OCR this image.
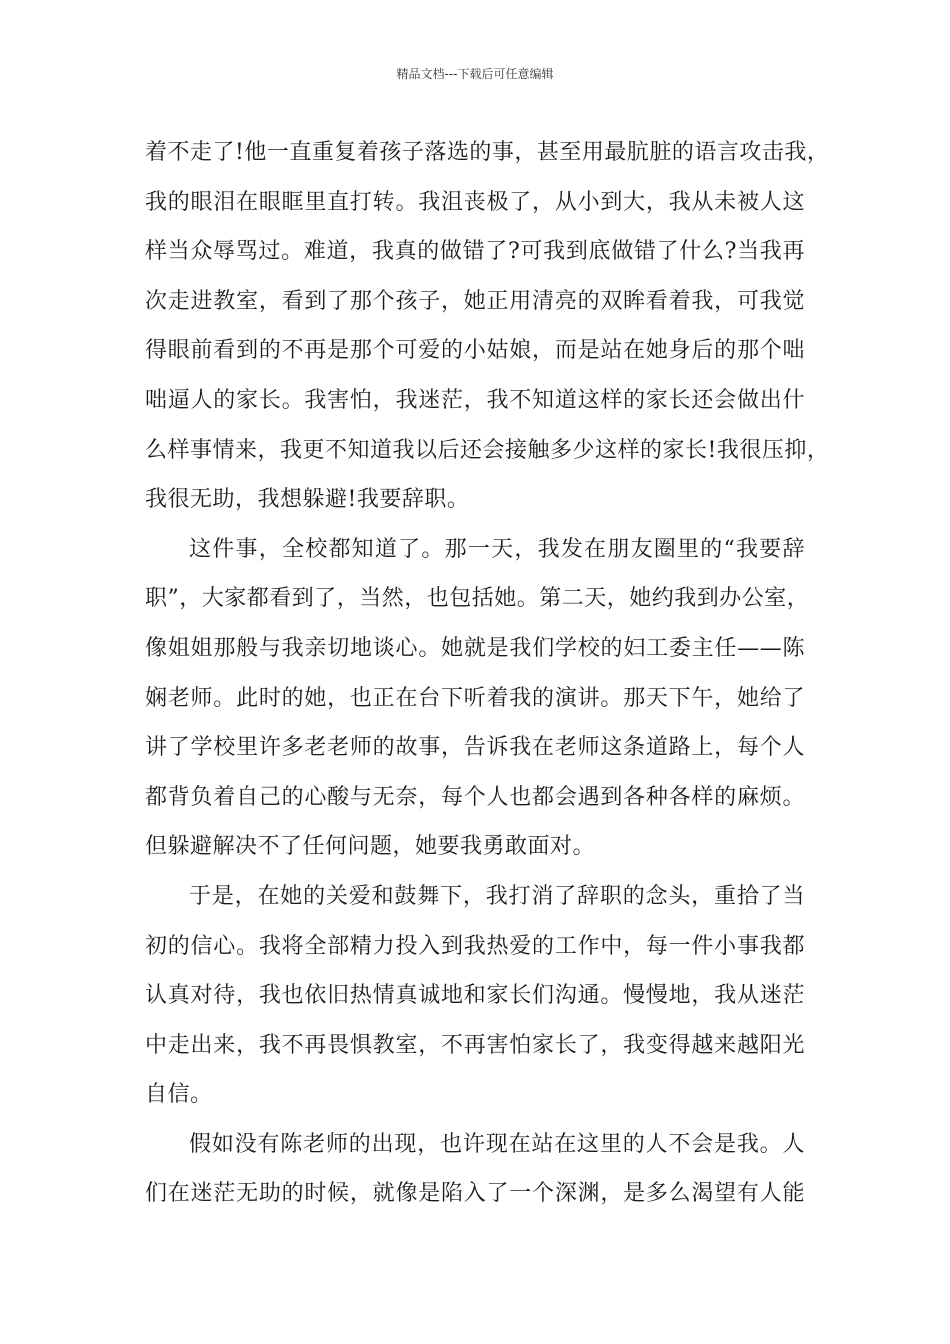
精品文档---下载后可任意编辑
着不走了!他一直重复着孩子落选的事，甚至用最肮脏的语言攻击我，
我的眼泪在眼眶里直打转。我沮丧极了，从小到大，我从未被人这
样当众辱骂过。难道，我真的做错了?可我到底做错了什么?当我再
次走进教室，看到了那个孩子，她正用清亮的双眸看着我，可我觉
得眼前看到的不再是那个可爱的小姑娘，而是站在她身后的那个咄
咄逼人的家长。我害怕，我迷茫，我不知道这样的家长还会做出什
么样事情来，我更不知道我以后还会接触多少这样的家长!我很压抑，
我很无助，我想躲避!我要辞职。
这件事，全校都知道了。那一天，我发在朋友圈里的“我要辞
职”，大家都看到了，当然，也包括她。第二天，她约我到办公室，
像姐姐那般与我亲切地谈心。她就是我们学校的妇工委主任——陈
娴老师。此时的她，也正在台下听着我的演讲。那天下午，她给了
讲了学校里许多老老师的故事，告诉我在老师这条道路上，每个人
都背负着自己的心酸与无奈，每个人也都会遇到各种各样的麻烦。
但躲避解决不了任何问题，她要我勇敢面对。
于是，在她的关爱和鼓舞下，我打消了辞职的念头，重拾了当
初的信心。我将全部精力投入到我热爱的工作中，每一件小事我都
认真对待，我也依旧热情真诚地和家长们沟通。慢慢地，我从迷茫
中走出来，我不再畏惧教室，不再害怕家长了，我变得越来越阳光
自信。
假如没有陈老师的出现，也许现在站在这里的人不会是我。人
们在迷茫无助的时候，就像是陷入了一个深渊，是多么渴望有人能
